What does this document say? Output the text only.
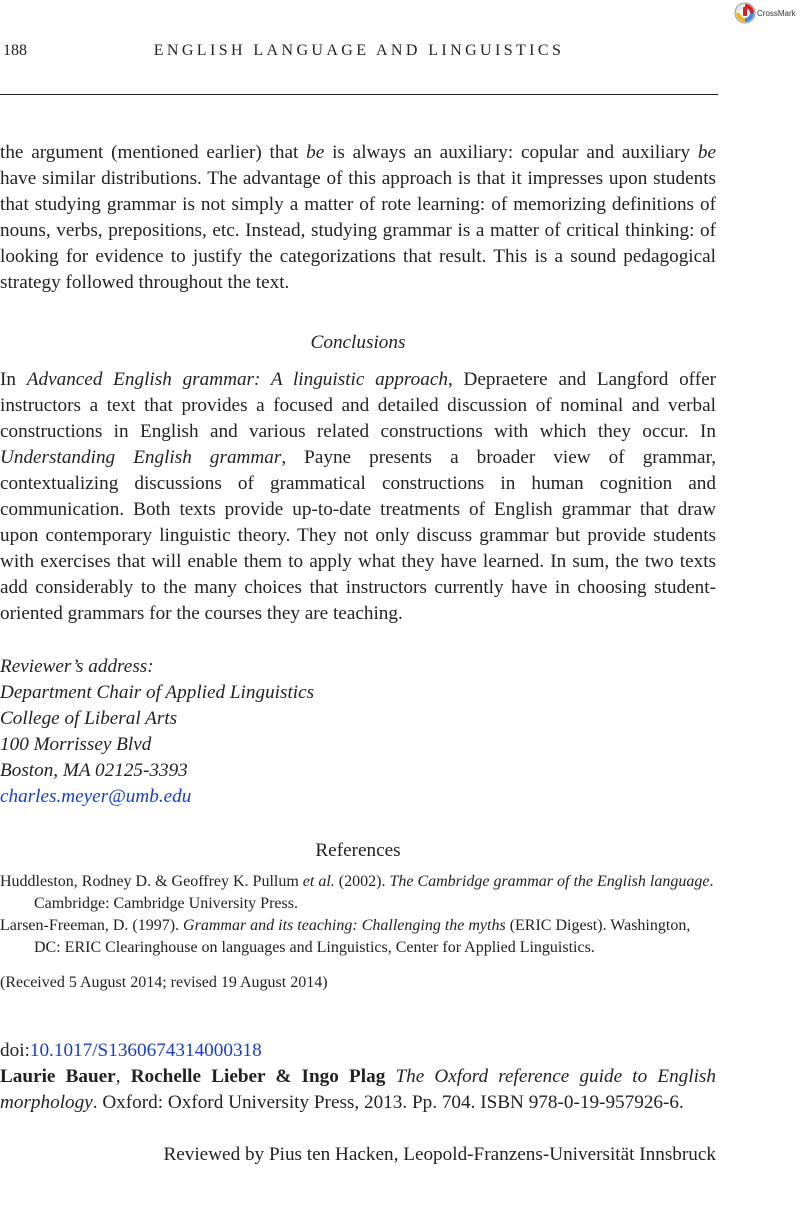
CrossMark
188	ENGLISH LANGUAGE AND LINGUISTICS

the argument (mentioned earlier) that be is always an auxiliary: copular and auxiliary be have similar distributions. The advantage of this approach is that it impresses upon students that studying grammar is not simply a matter of rote learning: of memorizing definitions of nouns, verbs, prepositions, etc. Instead, studying grammar is a matter of critical thinking: of looking for evidence to justify the categorizations that result. This is a sound pedagogical strategy followed throughout the text.

Conclusions

In Advanced English grammar: A linguistic approach, Depraetere and Langford offer instructors a text that provides a focused and detailed discussion of nominal and verbal constructions in English and various related constructions with which they occur. In Understanding English grammar, Payne presents a broader view of grammar, contextualizing discussions of grammatical constructions in human cognition and communication. Both texts provide up-to-date treatments of English grammar that draw upon contemporary linguistic theory. They not only discuss grammar but provide students with exercises that will enable them to apply what they have learned. In sum, the two texts add considerably to the many choices that instructors currently have in choosing student-oriented grammars for the courses they are teaching.

Reviewer’s address:
Department Chair of Applied Linguistics
College of Liberal Arts
100 Morrissey Blvd
Boston, MA 02125-3393
charles.meyer@umb.edu

References

Huddleston, Rodney D. & Geoffrey K. Pullum et al. (2002). The Cambridge grammar of the English language. Cambridge: Cambridge University Press.

Larsen-Freeman, D. (1997). Grammar and its teaching: Challenging the myths (ERIC Digest). Washington, DC: ERIC Clearinghouse on languages and Linguistics, Center for Applied Linguistics.

(Received 5 August 2014; revised 19 August 2014)

doi:10.1017/S1360674314000318

Laurie Bauer, Rochelle Lieber & Ingo Plag The Oxford reference guide to English morphology. Oxford: Oxford University Press, 2013. Pp. 704. ISBN 978-0-19-957926-6.

Reviewed by Pius ten Hacken, Leopold-Franzens-Universität Innsbruck
